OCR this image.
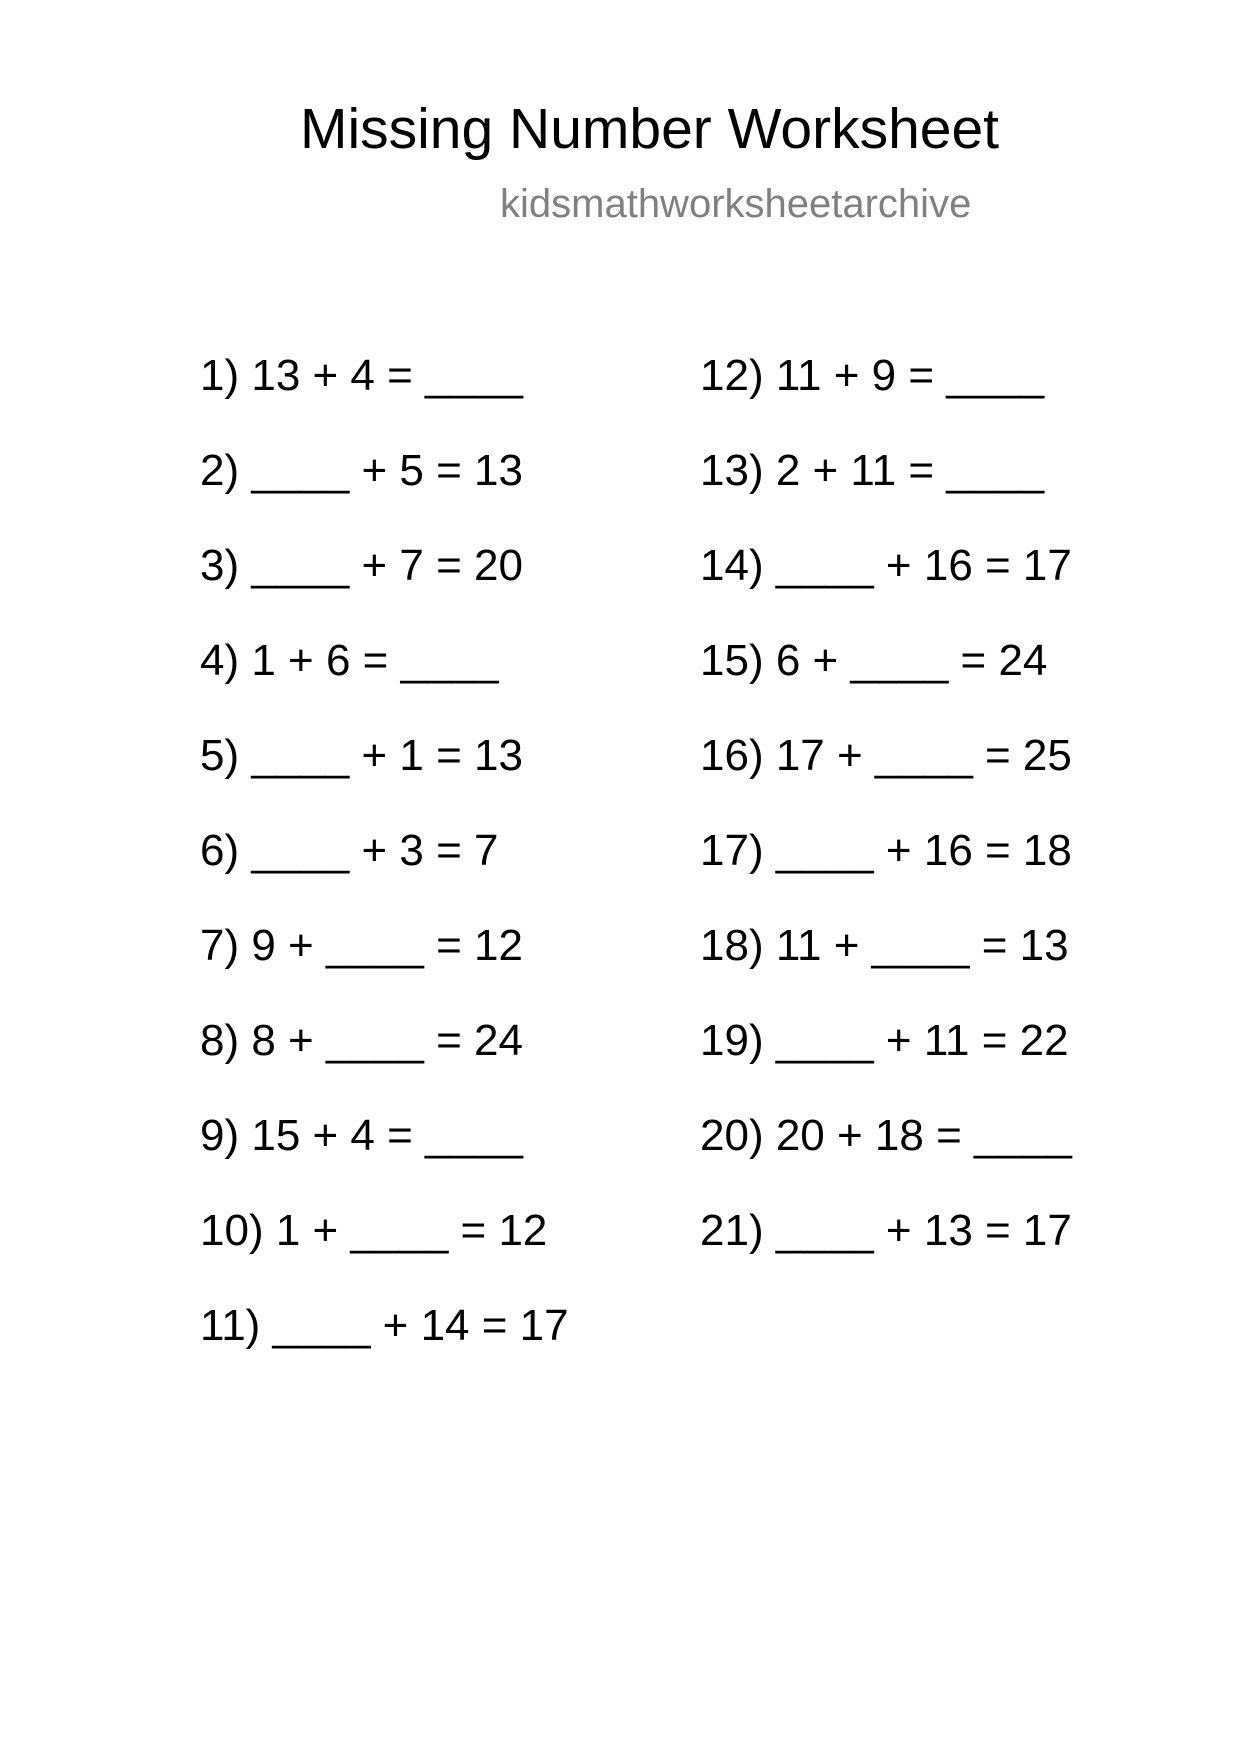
Missing Number Worksheet
kidsmathworksheetarchive
1) 13 + 4 = ____
2) ____ + 5 = 13
3) ____ + 7 = 20
4) 1 + 6 = ____
5) ____ + 1 = 13
6) ____ + 3 = 7
7) 9 + ____ = 12
8) 8 + ____ = 24
9) 15 + 4 = ____
10) 1 + ____ = 12
11) ____ + 14 = 17
12) 11 + 9 = ____
13) 2 + 11 = ____
14) ____ + 16 = 17
15) 6 + ____ = 24
16) 17 + ____ = 25
17) ____ + 16 = 18
18) 11 + ____ = 13
19) ____ + 11 = 22
20) 20 + 18 = ____
21) ____ + 13 = 17
